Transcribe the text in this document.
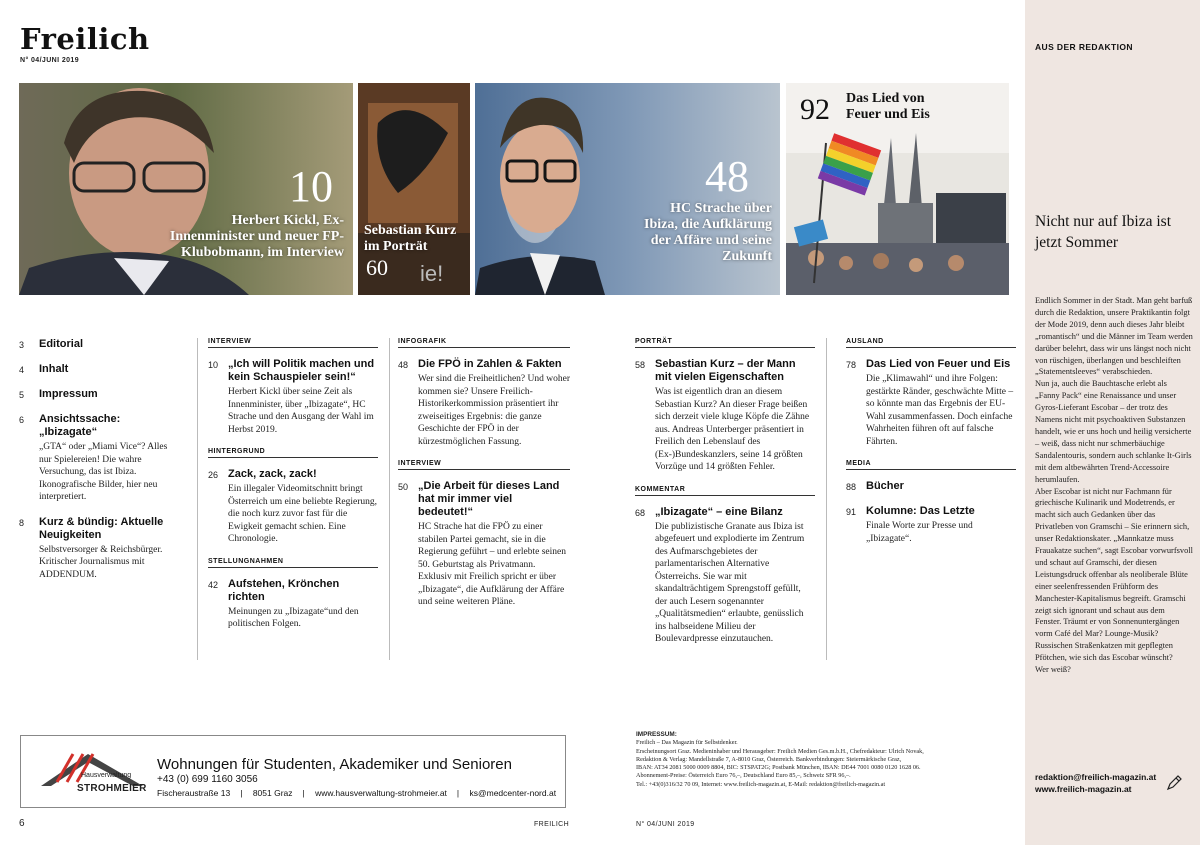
Freilich
N° 04/JUNI 2019
10
Herbert Kickl, Ex-Innenminister und neuer FP-Klubobmann, im Interview
ie!
Sebastian Kurz im Porträt
60
48
HC Strache über Ibiza, die Aufklärung der Affäre und seine Zukunft
92 Das Lied von Feuer und Eis
3 Editorial
4 Inhalt
5 Impressum
6 Ansichtssache: „Ibizagate“
„GTA“ oder „Miami Vice“? Alles nur Spielereien! Die wahre Versuchung, das ist Ibiza. Ikonografische Bilder, hier neu interpretiert.
8 Kurz & bündig: Aktuelle Neuigkeiten
Selbstversorger & Reichsbürger. Kritischer Journalismus mit ADDENDUM.
INTERVIEW
10 „Ich will Politik machen und kein Schauspieler sein!“
Herbert Kickl über seine Zeit als Innenminister, über „Ibizagate“, HC Strache und den Ausgang der Wahl im Herbst 2019.
HINTERGRUND
26 Zack, zack, zack!
Ein illegaler Videomitschnitt bringt Österreich um eine beliebte Regierung, die noch kurz zuvor fast für die Ewigkeit gemacht schien. Eine Chronologie.
STELLUNGNAHMEN
42 Aufstehen, Krönchen richten
Meinungen zu „Ibizagate“und den politischen Folgen.
INFOGRAFIK
48 Die FPÖ in Zahlen & Fakten
Wer sind die Freiheitlichen? Und woher kommen sie? Unsere Freilich-Historikerkommission präsentiert ihr zweiseitiges Ergebnis: die ganze Geschichte der FPÖ in der kürzestmöglichen Fassung.
INTERVIEW
50 „Die Arbeit für dieses Land hat mir immer viel bedeutet!“
HC Strache hat die FPÖ zu einer stabilen Partei gemacht, sie in die Regierung geführt – und erlebte seinen 50. Geburtstag als Privatmann. Exklusiv mit Freilich spricht er über „Ibizagate“, die Aufklärung der Affäre und seine weiteren Pläne.
PORTRÄT
58 Sebastian Kurz – der Mann mit vielen Eigenschaften
Was ist eigentlich dran an diesem Sebastian Kurz? An dieser Frage beißen sich derzeit viele kluge Köpfe die Zähne aus. Andreas Unterberger präsentiert in Freilich den Lebenslauf des (Ex-)Bundeskanzlers, seine 14 größten Vorzüge und 14 größten Fehler.
KOMMENTAR
68 „Ibizagate“ – eine Bilanz
Die publizistische Granate aus Ibiza ist abgefeuert und explodierte im Zentrum des Aufmarschgebietes der parlamentarischen Alternative Österreichs. Sie war mit skandalträchtigem Sprengstoff gefüllt, der auch Lesern sogenannter „Qualitätsmedien“ erlaubte, genüsslich ins halbseidene Milieu der Boulevardpresse einzutauchen.
AUSLAND
78 Das Lied von Feuer und Eis
Die „Klimawahl“ und ihre Folgen: gestärkte Ränder, geschwächte Mitte – so könnte man das Ergebnis der EU-Wahl zusammenfassen. Doch einfache Wahrheiten führen oft auf falsche Fährten.
MEDIA
88 Bücher
91 Kolumne: Das Letzte
Finale Worte zur Presse und „Ibizagate“.
Hausverwaltung
STROHMEIER
Wohnungen für Studenten, Akademiker und Senioren
+43 (0) 699 1160 3056
Fischeraustraße 13 | 8051 Graz | www.hausverwaltung-strohmeier.at | ks@medcenter-nord.at
IMPRESSUM:
Freilich – Das Magazin für Selbstdenker.
Erscheinungsort Graz. Medieninhaber und Herausgeber: Freilich Medien Ges.m.b.H., Chefredakteur: Ulrich Novak,
Redaktion & Verlag: Mandellstraße 7, A-8010 Graz, Österreich. Bankverbindungen: Steiermärkische Graz,
IBAN: AT34 2081 5000 0009 8804, BIC: STSPAT2G; Postbank München, IBAN: DE44 7001 0080 0120 1628 06.
Abonnement-Preise: Österreich Euro 76,–, Deutschland Euro 85,–, Schweiz SFR 96,–.
Tel.: +43(0)316/32 70 09, Internet: www.freilich-magazin.at, E-Mail: redaktion@freilich-magazin.at
6	FREILICH	N° 04/JUNI 2019
AUS DER REDAKTION
Nicht nur auf Ibiza ist jetzt Sommer

Endlich Sommer in der Stadt. Man geht barfuß durch die Redaktion, unsere Praktikantin folgt der Mode 2019, denn auch dieses Jahr bleibt „romantisch“ und die Männer im Team werden darüber belehrt, dass wir uns längst noch nicht von rüschigen, überlangen und beschleiften „Statementsleeves“ verabschieden.

Nun ja, auch die Bauchtasche erlebt als „Fanny Pack“ eine Renaissance und unser Gyros-Lieferant Escobar – der trotz des Namens nicht mit psychoaktiven Substanzen handelt, wie er uns hoch und heilig versicherte – weiß, dass nicht nur schmerbäuchige Sandalentouris, sondern auch schlanke It-Girls mit dem altbewährten Trend-Accessoire herumlaufen.

Aber Escobar ist nicht nur Fachmann für griechische Kulinarik und Modetrends, er macht sich auch Gedanken über das Privatleben von Gramschi – Sie erinnern sich, unser Redaktionskater. „Mannkatze muss Frauakatze suchen“, sagt Escobar vorwurfsvoll und schaut auf Gramschi, der diesen Leistungsdruck offenbar als neoliberale Blüte einer seelenfressenden Frühform des Manchester-Kapitalismus begreift. Gramschi zeigt sich ignorant und schaut aus dem Fenster. Träumt er von Sonnenuntergängen vorm Café del Mar? Lounge-Musik? Russischen Straßenkatzen mit gepflegten Pfötchen, wie sich das Escobar wünscht?

Wer weiß?

redaktion@freilich-magazin.at
www.freilich-magazin.at
